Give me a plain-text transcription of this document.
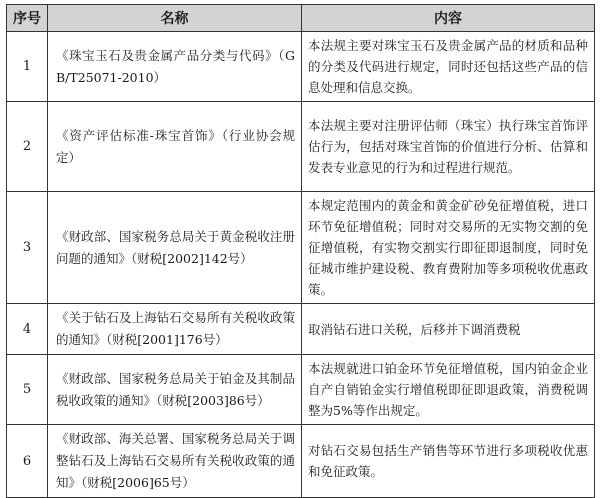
序号	名称	内容
1	《珠宝玉石及贵金属产品分类与代码》（GB/T25071-2010）	本法规主要对珠宝玉石及贵金属产品的材质和品种的分类及代码进行规定，同时还包括这些产品的信息处理和信息交换。
2	《资产评估标准-珠宝首饰》（行业协会规定）	本法规主要对注册评估师（珠宝）执行珠宝首饰评估行为，包括对珠宝首饰的价值进行分析、估算和发表专业意见的行为和过程进行规范。
3	《财政部、国家税务总局关于黄金税收注册问题的通知》（财税[2002]142号）	本规定范围内的黄金和黄金矿砂免征增值税，进口环节免征增值税；同时对交易所的无实物交割的免征增值税，有实物交割实行即征即退制度，同时免征城市维护建设税、教育费附加等多项税收优惠政策。
4	《关于钻石及上海钻石交易所有关税收政策的通知》（财税[2001]176号）	取消钻石进口关税，后移并下调消费税
5	《财政部、国家税务总局关于铂金及其制品税收政策的通知》（财税[2003]86号）	本法规就进口铂金环节免征增值税，国内铂金企业自产自销铂金实行增值税即征即退政策，消费税调整为5%等作出规定。
6	《财政部、海关总署、国家税务总局关于调整钻石及上海钻石交易所有关税收政策的通知》（财税[2006]65号）	对钻石交易包括生产销售等环节进行多项税收优惠和免征政策。
